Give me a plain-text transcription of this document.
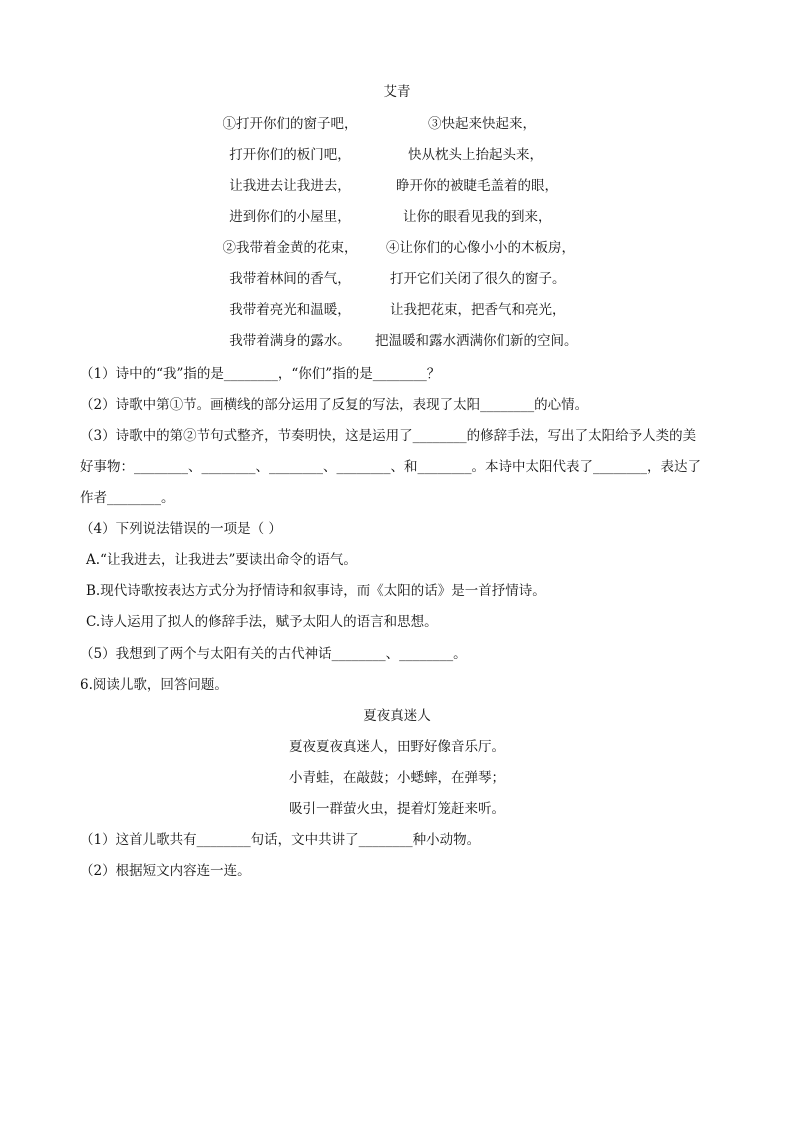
艾青
①打开你们的窗子吧，
打开你们的板门吧，
让我进去让我进去，
进到你们的小屋里，
②我带着金黄的花束，
我带着林间的香气，
我带着亮光和温暖，
我带着满身的露水。
③快起来快起来，
快从枕头上抬起头来，
睁开你的被睫毛盖着的眼，
让你的眼看见我的到来，
④让你们的心像小小的木板房，
打开它们关闭了很久的窗子。
让我把花束，把香气和亮光，
把温暖和露水洒满你们新的空间。
（1）诗中的“我”指的是________，“你们”指的是________？
（2）诗歌中第①节。画横线的部分运用了反复的写法，表现了太阳________的心情。
（3）诗歌中的第②节句式整齐，节奏明快，这是运用了________的修辞手法，写出了太阳给予人类的美
好事物：________、________、________、________、和________。本诗中太阳代表了________，表达了
作者________。
（4）下列说法错误的一项是（ ）
A.“让我进去，让我进去”要读出命令的语气。
B.现代诗歌按表达方式分为抒情诗和叙事诗，而《太阳的话》是一首抒情诗。
C.诗人运用了拟人的修辞手法，赋予太阳人的语言和思想。
（5）我想到了两个与太阳有关的古代神话________、________。
6.阅读儿歌，回答问题。
夏夜真迷人
夏夜夏夜真迷人，田野好像音乐厅。
小青蛙，在敲鼓；小蟋蟀，在弹琴；
吸引一群萤火虫，提着灯笼赶来听。
（1）这首儿歌共有________句话，文中共讲了________种小动物。
（2）根据短文内容连一连。
